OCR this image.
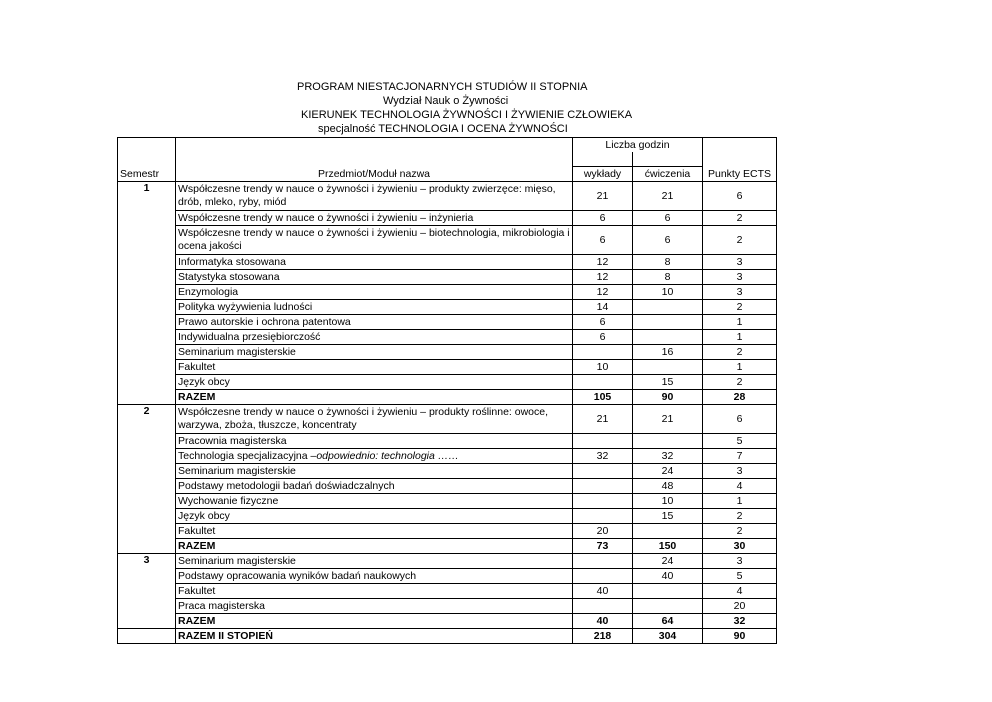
PROGRAM NIESTACJONARNYCH STUDIÓW II STOPNIA
Wydział Nauk o Żywności
KIERUNEK TECHNOLOGIA ŻYWNOŚCI I ŻYWIENIE CZŁOWIEKA
specjalność TECHNOLOGIA I OCENA ŻYWNOŚCI
		Liczba godzin		

Semestr	Przedmiot/Moduł nazwa	wykłady	ćwiczenia	Punkty ECTS
1	Współczesne trendy w nauce o żywności i żywieniu – produkty zwierzęce: mięso, drób, mleko, ryby, miód	21	21	6
	Współczesne trendy w nauce o żywności i żywieniu – inżynieria	6	6	2
	Współczesne trendy w nauce o żywności i żywieniu – biotechnologia, mikrobiologia i ocena jakości	6	6	2
	Informatyka stosowana	12	8	3
	Statystyka stosowana	12	8	3
	Enzymologia	12	10	3
	Polityka wyżywienia ludności	14		2
	Prawo autorskie i ochrona patentowa	6		1
	Indywidualna przesiębiorczość	6		1
	Seminarium magisterskie		16	2
	Fakultet	10		1
	Język obcy		15	2
	RAZEM	105	90	28
2	Współczesne trendy w nauce o żywności i żywieniu – produkty roślinne: owoce, warzywa, zboża, tłuszcze, koncentraty	21	21	6
	Pracownia magisterska			5
	Technologia specjalizacyjna –odpowiednio: technologia ……	32	32	7
	Seminarium magisterskie		24	3
	Podstawy metodologii badań doświadczalnych		48	4
	Wychowanie fizyczne		10	1
	Język obcy		15	2
	Fakultet	20		2
	RAZEM	73	150	30
3	Seminarium magisterskie		24	3
	Podstawy opracowania wyników badań naukowych		40	5
	Fakultet	40		4
	Praca magisterska			20
	RAZEM	40	64	32
	RAZEM II STOPIEŃ	218	304	90
